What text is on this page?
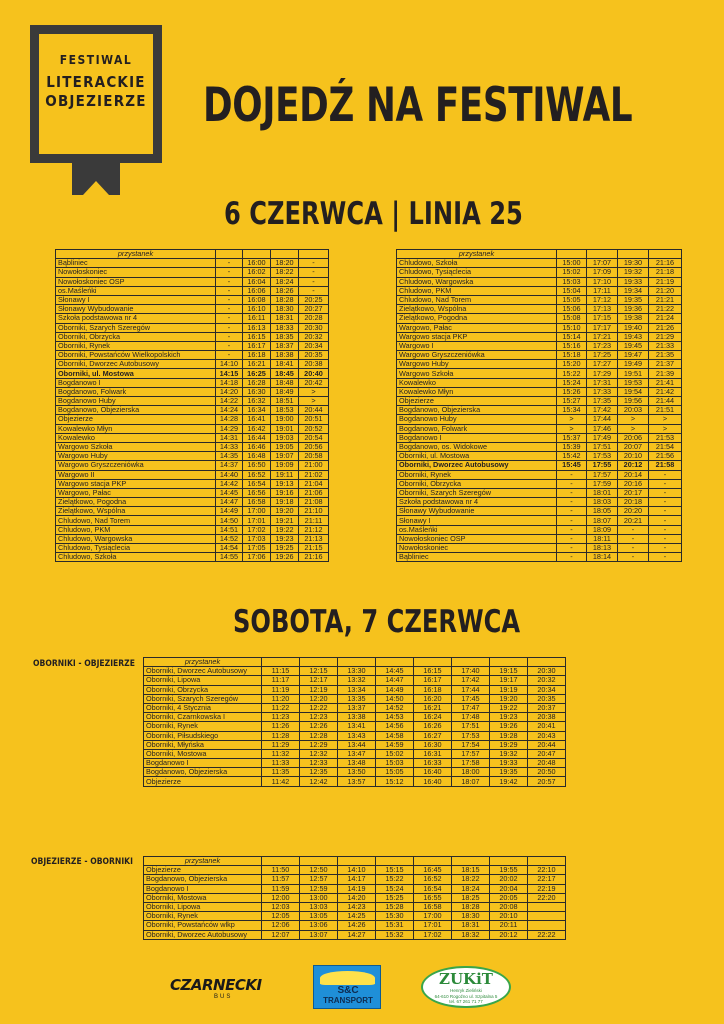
FESTIWAL
LITERACKIE
OBJEZIERZE DOJEDŹ NA FESTIWAL
6 CZERWCA | LINIA 25
przystanek				
Bąbliniec	-	16:00	18:20	-
Nowołoskoniec	-	16:02	18:22	-
Nowołoskoniec OSP	-	16:04	18:24	-
os.Maśleńki	-	16:06	18:26	-
Słonawy I	-	16:08	18:28	20:25
Słonawy Wybudowanie	-	16:10	18:30	20:27
Szkoła podstawowa nr 4	-	16:11	18:31	20:28
Oborniki, Szarych Szeregów	-	16:13	18:33	20:30
Oborniki, Obrzycka	-	16:15	18:35	20:32
Oborniki, Rynek	-	16:17	18:37	20:34
Oborniki, Powstańców Wielkopolskich	-	16:18	18:38	20:35
Oborniki, Dworzec Autobusowy	14:10	16:21	18:41	20:38
Oborniki, ul. Mostowa	14:15	16:25	18:45	20:40
Bogdanowo I	14:18	16:28	18:48	20:42
Bogdanowo, Folwark	14:20	16:30	18:49	>
Bogdanowo Huby	14:22	16:32	18:51	>
Bogdanowo, Objezierska	14:24	16:34	18:53	20:44
Objezierze	14:28	16:41	19:00	20:51
Kowalewko Młyn	14:29	16:42	19:01	20:52
Kowalewko	14:31	16:44	19:03	20:54
Wargowo Szkoła	14:33	16:46	19:05	20:56
Wargowo Huby	14:35	16:48	19:07	20:58
Wargowo Gryszczeniówka	14:37	16:50	19:09	21:00
Wargowo II	14:40	16:52	19:11	21:02
Wargowo stacja PKP	14:42	16:54	19:13	21:04
Wargowo, Pałac	14:45	16:56	19:16	21:06
Zielątkowo, Pogodna	14:47	16:58	19:18	21:08
Zielątkowo, Wspólna	14:49	17:00	19:20	21:10
Chludowo, Nad Torem	14:50	17:01	19:21	21:11
Chludowo, PKM	14:51	17:02	19:22	21:12
Chludowo, Wargowska	14:52	17:03	19:23	21:13
Chludowo, Tysiąclecia	14:54	17:05	19:25	21:15
Chludowo, Szkoła	14:55	17:06	19:26	21:16
przystanek				
Chludowo, Szkoła	15:00	17:07	19:30	21:16
Chludowo, Tysiąclecia	15:02	17:09	19:32	21:18
Chludowo, Wargowska	15:03	17:10	19:33	21:19
Chludowo, PKM	15:04	17:11	19:34	21:20
Chludowo, Nad Torem	15:05	17:12	19:35	21:21
Zielątkowo, Wspólna	15:06	17:13	19:36	21:22
Zielątkowo, Pogodna	15:08	17:15	19:38	21:24
Wargowo, Pałac	15:10	17:17	19:40	21:26
Wargowo stacja PKP	15:14	17:21	19:43	21:29
Wargowo I	15:16	17:23	19:45	21:33
Wargowo Gryszczeniówka	15:18	17:25	19:47	21:35
Wargowo Huby	15:20	17:27	19:49	21:37
Wargowo Szkoła	15:22	17:29	19:51	21:39
Kowalewko	15:24	17:31	19:53	21:41
Kowalewko Młyn	15:26	17:33	19:54	21:42
Objezierze	15:27	17:35	19:56	21:44
Bogdanowo, Objezierska	15:34	17:42	20:03	21:51
Bogdanowo Huby	>	17:44	>	>
Bogdanowo, Folwark	>	17:46	>	>
Bogdanowo I	15:37	17:49	20:06	21:53
Bogdanowo, os. Widokowe	15:39	17:51	20:07	21:54
Oborniki, ul. Mostowa	15:42	17:53	20:10	21:56
Oborniki, Dworzec Autobusowy	15:45	17:55	20:12	21:58
Oborniki, Rynek	-	17:57	20:14	-
Oborniki, Obrzycka	-	17:59	20:16	-
Oborniki, Szarych Szeregów	-	18:01	20:17	-
Szkoła podstawowa nr 4	-	18:03	20:18	-
Słonawy Wybudowanie	-	18:05	20:20	-
Słonawy I	-	18:07	20:21	-
os.Maśleńki	-	18:09	-	-
Nowołoskoniec OSP	-	18:11	-	-
Nowołoskoniec	-	18:13	-	-
Bąbliniec	-	18:14	-	-
SOBOTA, 7 CZERWCA
OBORNIKI - OBJEZIERZE	przystanek								
Oborniki, Dworzec Autobusowy	11:15	12:15	13:30	14:45	16:15	17:40	19:15	20:30
Oborniki, Lipowa	11:17	12:17	13:32	14:47	16:17	17:42	19:17	20:32
Oborniki, Obrzycka	11:19	12:19	13:34	14:49	16:18	17:44	19:19	20:34
Oborniki, Szarych Szeregów	11:20	12:20	13:35	14:50	16:20	17:45	19:20	20:35
Oborniki, 4 Stycznia	11:22	12:22	13:37	14:52	16:21	17:47	19:22	20:37
Oborniki, Czarnkowska I	11:23	12:23	13:38	14:53	16:24	17:48	19:23	20:38
Oborniki, Rynek	11:26	12:26	13:41	14:56	16:26	17:51	19:26	20:41
Oborniki, Piłsudskiego	11:28	12:28	13:43	14:58	16:27	17:53	19:28	20:43
Oborniki, Młyńska	11:29	12:29	13:44	14:59	16:30	17:54	19:29	20:44
Oborniki, Mostowa	11:32	12:32	13:47	15:02	16:31	17:57	19:32	20:47
Bogdanowo I	11:33	12:33	13:48	15:03	16:33	17:58	19:33	20:48
Bogdanowo, Objezierska	11:35	12:35	13:50	15:05	16:40	18:00	19:35	20:50
Objezierze	11:42	12:42	13:57	15:12	16:40	18:07	19:42	20:57
OBJEZIERZE - OBORNIKI	przystanek								
Objezierze	11:50	12:50	14:10	15:15	16:45	18:15	19:55	22:10
Bogdanowo, Objezierska	11:57	12:57	14:17	15:22	16:52	18:22	20:02	22:17
Bogdanowo I	11:59	12:59	14:19	15:24	16:54	18:24	20:04	22:19
Oborniki, Mostowa	12:00	13:00	14:20	15:25	16:55	18:25	20:05	22:20
Oborniki, Lipowa	12:03	13:03	14:23	15:28	16:58	18:28	20:08	
Oborniki, Rynek	12:05	13:05	14:25	15:30	17:00	18:30	20:10	
Oborniki, Powstańców wlkp	12:06	13:06	14:26	15:31	17:01	18:31	20:11	
Oborniki, Dworzec Autobusowy	12:07	13:07	14:27	15:32	17:02	18:32	20:12	22:22
CZARNECKI
BUS
S&C
TRANSPORT
ZUKiT
Henryk Zieliński
64-610 Rogoźno ul. Szpitalna 5
tel. 67 261 71 77
